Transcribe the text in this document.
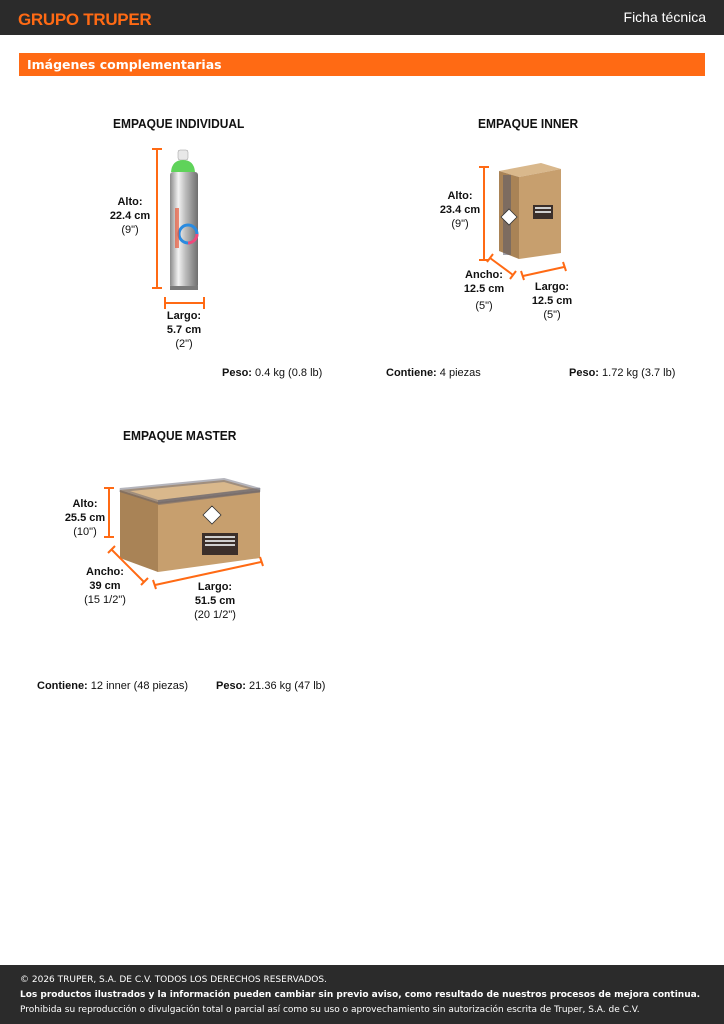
GRUPO TRUPER	Ficha técnica
Imágenes complementarias
EMPAQUE INDIVIDUAL
Alto:
22.4 cm
(9")
Largo:
5.7 cm
(2")
Peso: 0.4 kg (0.8 lb)
EMPAQUE INNER
Alto:
23.4 cm
(9")
Ancho:
12.5 cm
(5")
Largo:
12.5 cm
(5")
Contiene: 4 piezas	Peso: 1.72 kg (3.7 lb)
EMPAQUE MASTER
Alto:
25.5 cm
(10")
Ancho:
39 cm
(15 1/2")
Largo:
51.5 cm
(20 1/2")
Contiene: 12 inner (48 piezas)	Peso: 21.36 kg (47 lb)
© 2026 TRUPER, S.A. DE C.V. TODOS LOS DERECHOS RESERVADOS.
Los productos ilustrados y la información pueden cambiar sin previo aviso, como resultado de nuestros procesos de mejora continua.
Prohibida su reproducción o divulgación total o parcial así como su uso o aprovechamiento sin autorización escrita de Truper, S.A. de C.V.
